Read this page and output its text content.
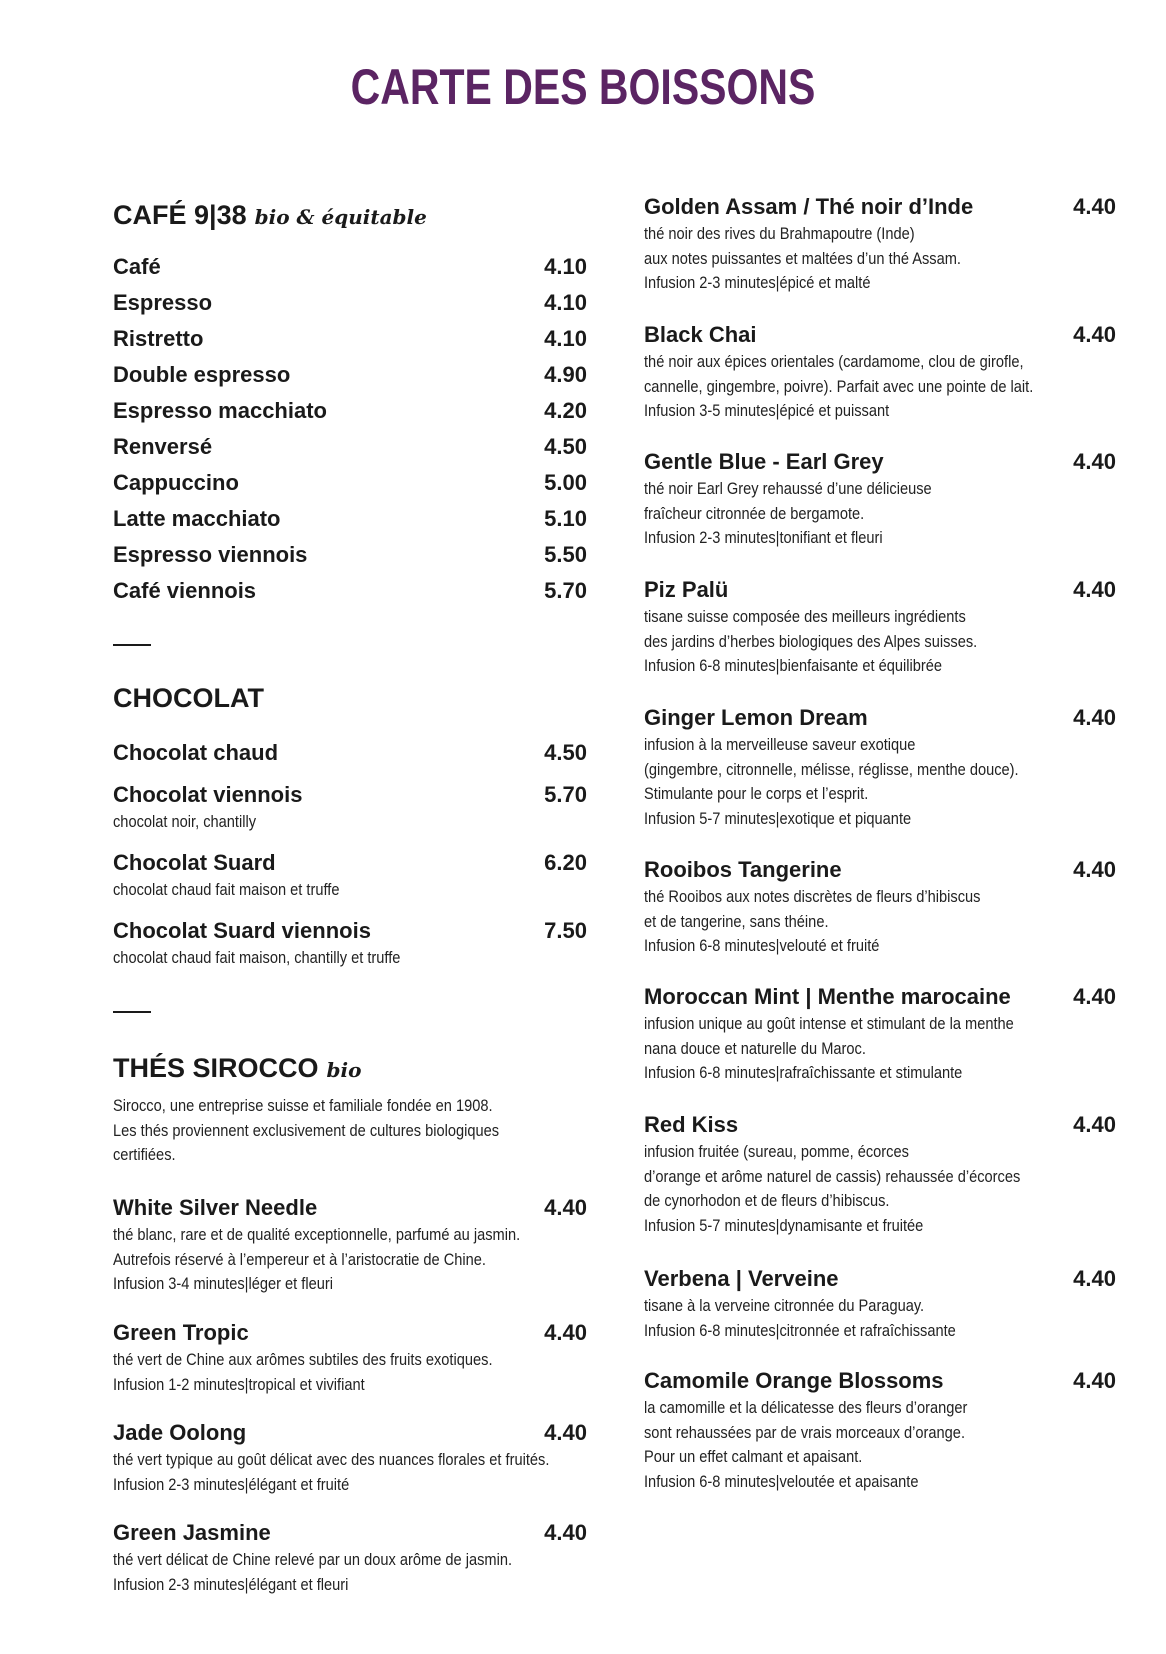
CARTE DES BOISSONS
CAFÉ 9|38 bio & équitable
Café	4.10
Espresso	4.10
Ristretto	4.10
Double espresso	4.90
Espresso macchiato	4.20
Renversé	4.50
Cappuccino	5.00
Latte macchiato	5.10
Espresso viennois	5.50
Café viennois	5.70
CHOCOLAT
Chocolat chaud	4.50
Chocolat viennois	5.70
chocolat noir, chantilly
Chocolat Suard	6.20
chocolat chaud fait maison et truffe
Chocolat Suard viennois	7.50
chocolat chaud fait maison, chantilly et truffe
THÉS SIROCCO bio
Sirocco, une entreprise suisse et familiale fondée en 1908.
Les thés proviennent exclusivement de cultures biologiques
certifiées.
White Silver Needle	4.40
thé blanc, rare et de qualité exceptionnelle, parfumé au jasmin.
Autrefois réservé à l’empereur et à l’aristocratie de Chine.
Infusion 3-4 minutes|léger et fleuri
Green Tropic	4.40
thé vert de Chine aux arômes subtiles des fruits exotiques.
Infusion 1-2 minutes|tropical et vivifiant
Jade Oolong	4.40
thé vert typique au goût délicat avec des nuances florales et fruités.
Infusion 2-3 minutes|élégant et fruité
Green Jasmine	4.40
thé vert délicat de Chine relevé par un doux arôme de jasmin.
Infusion 2-3 minutes|élégant et fleuri
Golden Assam / Thé noir d’Inde	4.40
thé noir des rives du Brahmapoutre (Inde)
aux notes puissantes et maltées d’un thé Assam.
Infusion 2-3 minutes|épicé et malté
Black Chai	4.40
thé noir aux épices orientales (cardamome, clou de girofle,
cannelle, gingembre, poivre). Parfait avec une pointe de lait.
Infusion 3-5 minutes|épicé et puissant
Gentle Blue - Earl Grey	4.40
thé noir Earl Grey rehaussé d’une délicieuse
fraîcheur citronnée de bergamote.
Infusion 2-3 minutes|tonifiant et fleuri
Piz Palü	4.40
tisane suisse composée des meilleurs ingrédients
des jardins d’herbes biologiques des Alpes suisses.
Infusion 6-8 minutes|bienfaisante et équilibrée
Ginger Lemon Dream	4.40
infusion à la merveilleuse saveur exotique
(gingembre, citronnelle, mélisse, réglisse, menthe douce).
Stimulante pour le corps et l’esprit.
Infusion 5-7 minutes|exotique et piquante
Rooibos Tangerine	4.40
thé Rooibos aux notes discrètes de fleurs d’hibiscus
et de tangerine, sans théine.
Infusion 6-8 minutes|velouté et fruité
Moroccan Mint | Menthe marocaine	4.40
infusion unique au goût intense et stimulant de la menthe
nana douce et naturelle du Maroc.
Infusion 6-8 minutes|rafraîchissante et stimulante
Red Kiss	4.40
infusion fruitée (sureau, pomme, écorces
d’orange et arôme naturel de cassis) rehaussée d’écorces
de cynorhodon et de fleurs d’hibiscus.
Infusion 5-7 minutes|dynamisante et fruitée
Verbena | Verveine	4.40
tisane à la verveine citronnée du Paraguay.
Infusion 6-8 minutes|citronnée et rafraîchissante
Camomile Orange Blossoms	4.40
la camomille et la délicatesse des fleurs d’oranger
sont rehaussées par de vrais morceaux d’orange.
Pour un effet calmant et apaisant.
Infusion 6-8 minutes|veloutée et apaisante
